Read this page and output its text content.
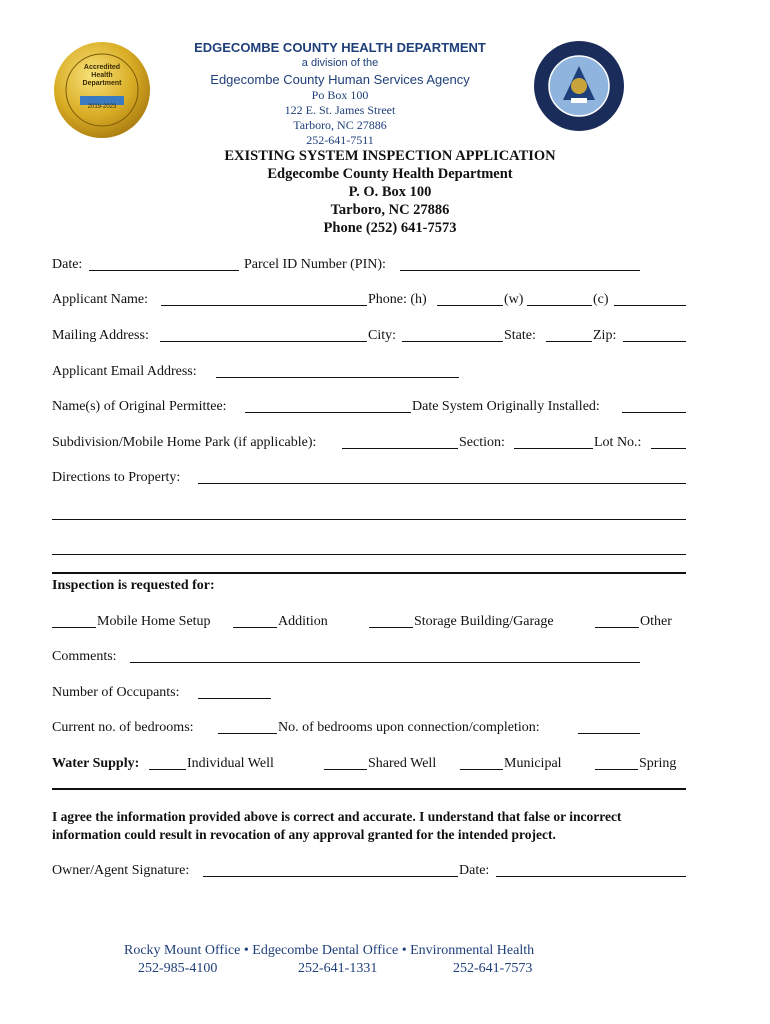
Accredited
Health
Department
2019-2023
EDGECOMBE COUNTY HEALTH DEPARTMENT
a division of the
Edgecombe County Human Services Agency
Po Box 100
122 E. St. James Street
Tarboro, NC 27886
252-641-7511
EXISTING SYSTEM INSPECTION APPLICATION
Edgecombe County Health Department
P. O. Box 100
Tarboro, NC 27886
Phone (252) 641-7573
Date:	Parcel ID Number (PIN):
Applicant Name:	Phone: (h)	(w)	(c)
Mailing Address:	City:	State:	Zip:
Applicant Email Address:
Name(s) of Original Permittee:	Date System Originally Installed:
Subdivision/Mobile Home Park (if applicable):	Section:	Lot No.:
Directions to Property:
Inspection is requested for:
Mobile Home Setup	Addition	Storage Building/Garage	Other
Comments:
Number of Occupants:
Current no. of bedrooms:	No. of bedrooms upon connection/completion:
Water Supply:	Individual Well	Shared Well	Municipal	Spring
I agree the information provided above is correct and accurate. I understand that false or incorrect
information could result in revocation of any approval granted for the intended project.
Owner/Agent Signature:	Date:
Rocky Mount Office • Edgecombe Dental Office • Environmental Health
252-985-4100	252-641-1331	252-641-7573
